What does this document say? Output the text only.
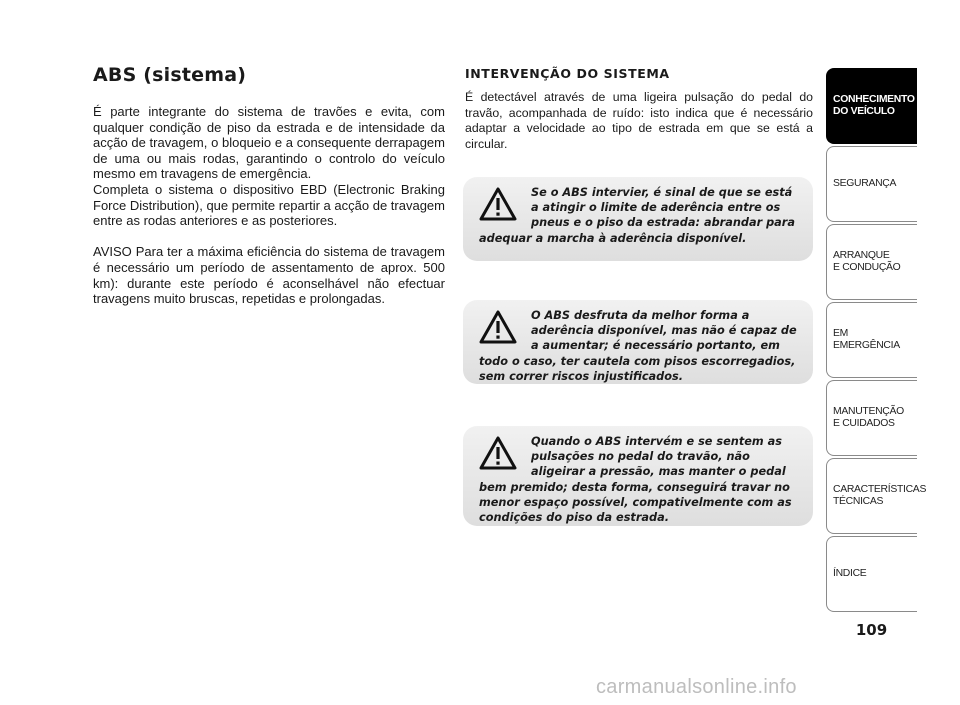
ABS (sistema)

É parte integrante do sistema de travões e evita, com qualquer condição de piso da estrada e de intensidade da acção de travagem, o bloqueio e a consequente derrapagem de uma ou mais rodas, garantindo o controlo do veículo mesmo em travagens de emergência.

Completa o sistema o dispositivo EBD (Electronic Braking Force Distribution), que permite repartir a acção de travagem entre as rodas anteriores e as posteriores.

AVISO Para ter a máxima eficiência do sistema de travagem é necessário um período de assentamento de aprox. 500 km): durante este período é aconselhável não efectuar travagens muito bruscas, repetidas e prolongadas.

INTERVENÇÃO DO SISTEMA

É detectável através de uma ligeira pulsação do pedal do travão, acompanhada de ruído: isto indica que é necessário adaptar a velocidade ao tipo de estrada em que se está a circular.

Se o ABS intervier, é sinal de que se está a atingir o limite de aderência entre os pneus e o piso da estrada: abrandar para adequar a marcha à aderência disponível.

O ABS desfruta da melhor forma a aderência disponível, mas não é capaz de a aumentar; é necessário portanto, em todo o caso, ter cautela com pisos escorregadios, sem correr riscos injustificados.

Quando o ABS intervém e se sentem as pulsações no pedal do travão, não aligeirar a pressão, mas manter o pedal bem premido; desta forma, conseguirá travar no menor espaço possível, compativelmente com as condições do piso da estrada.

CONHECIMENTO
DO VEÍCULO
SEGURANÇA
ARRANQUE
E CONDUÇÃO
EM EMERGÊNCIA
MANUTENÇÃO
E CUIDADOS
CARACTERÍSTICAS
TÉCNICAS
ÍNDICE
109
carmanualsonline.info
